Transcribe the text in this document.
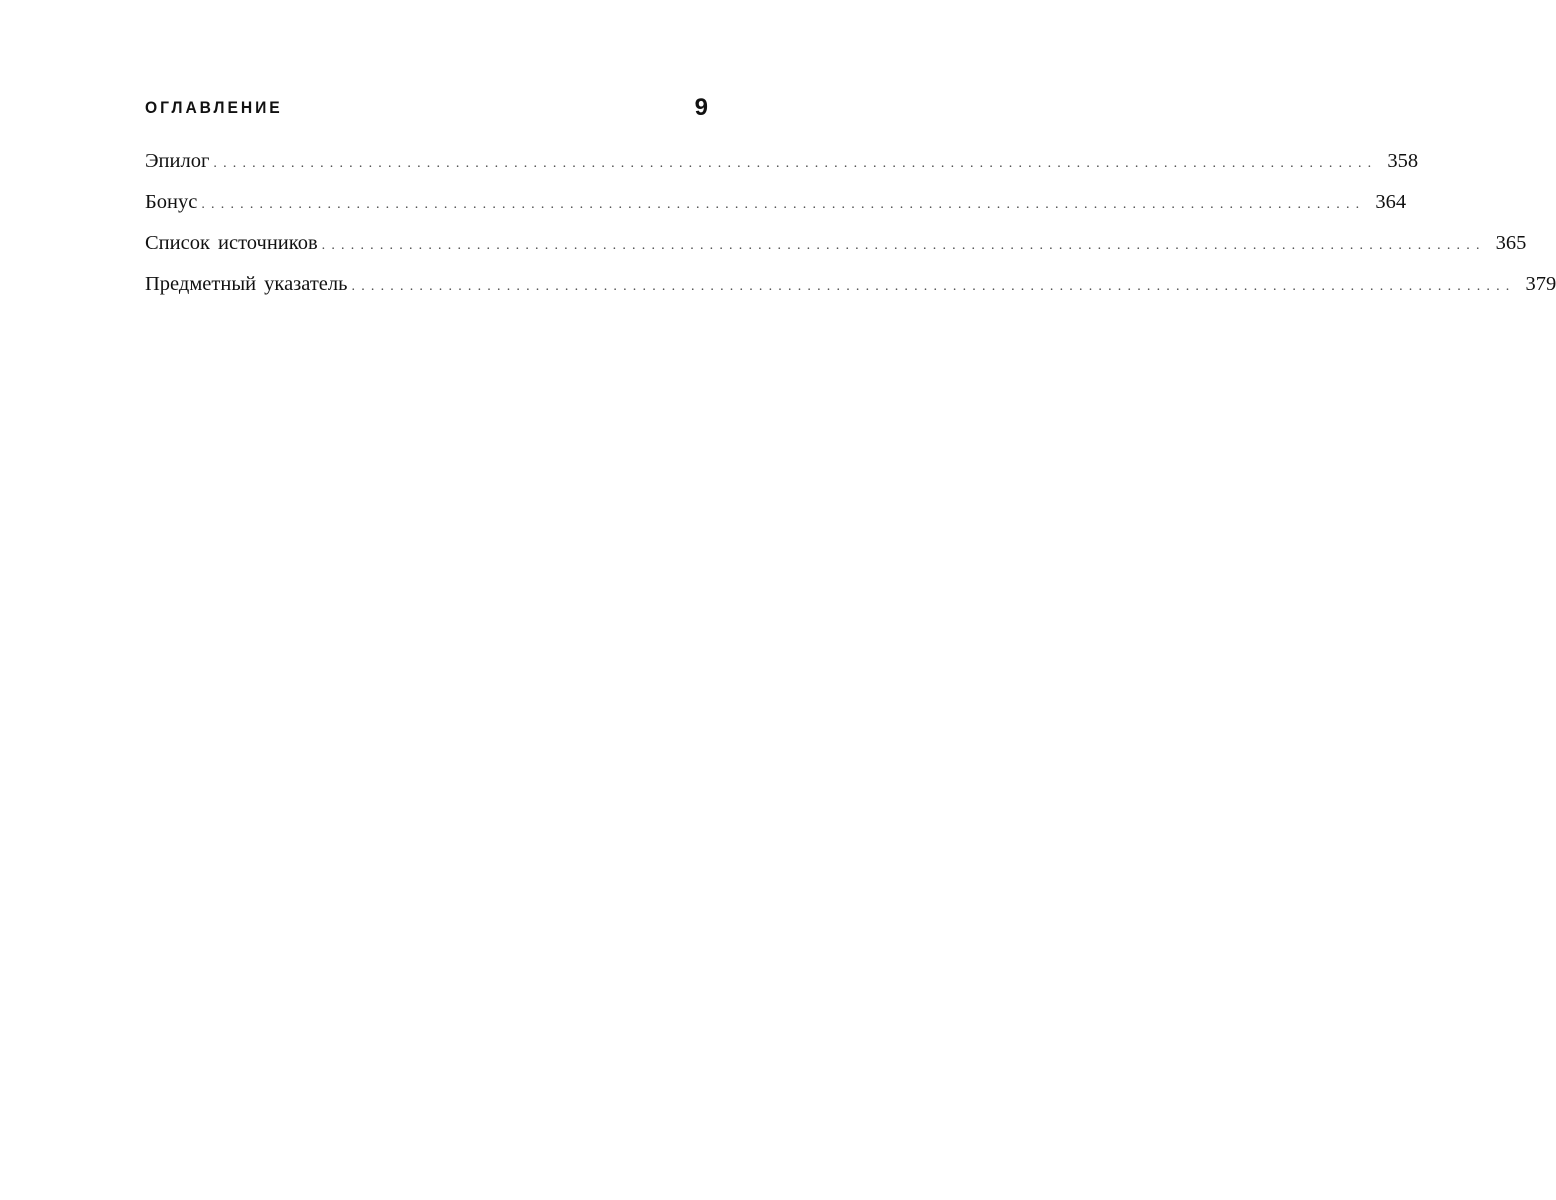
ОГЛАВЛЕНИЕ	9
Эпилог ........................................................................................................................ 358
Бонус ........................................................................................................................ 364
Список источников ........................................................................................................................ 365
Предметный указатель ........................................................................................................................ 379
